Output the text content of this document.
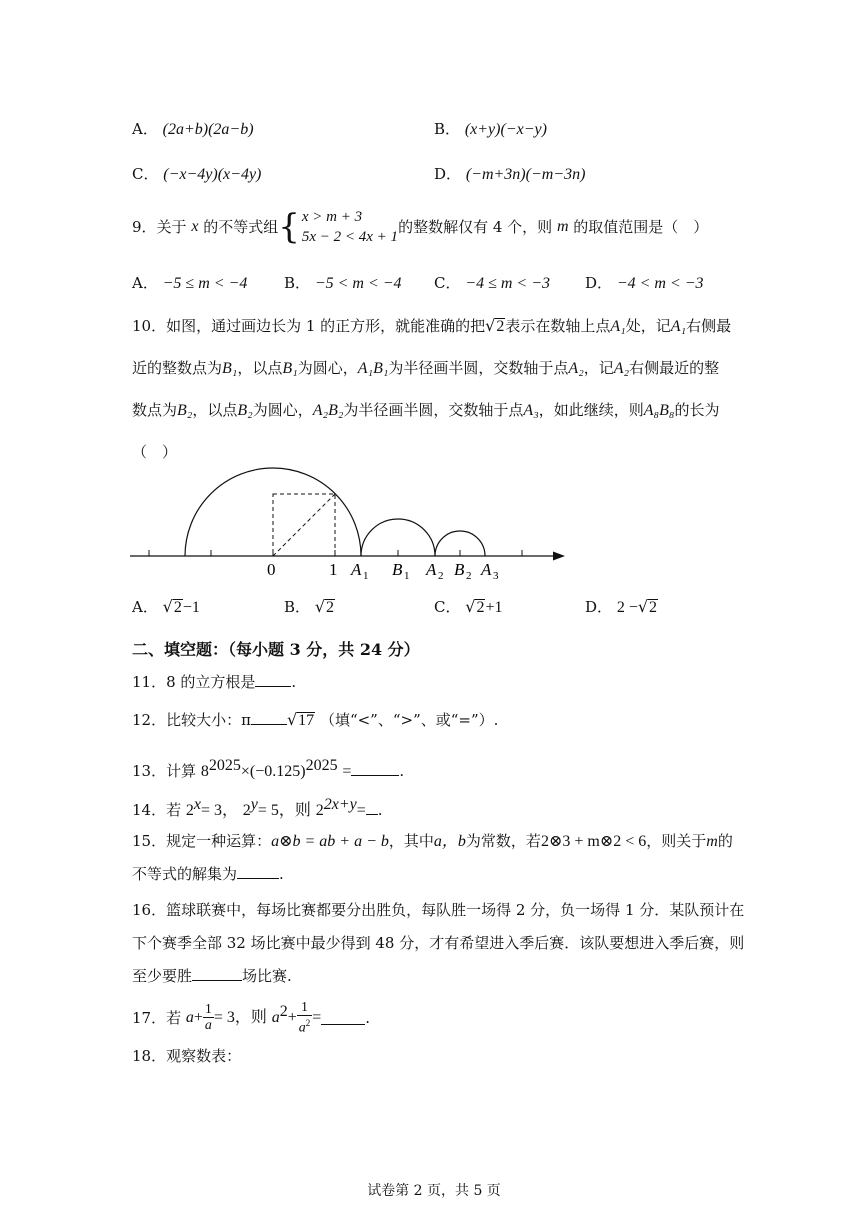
A． (2a+b)(2a−b)	B． (x+y)(−x−y)
C． (−x−4y)(x−4y)	D． (−m+3n)(−m−3n)
9．关于 x 的不等式组{ x > m + 3
5x − 2 < 4x + 1
的整数解仅有 4 个，则 m 的取值范围是（　）
A． −5 ≤ m < −4 B． −5 < m < −4 C． −4 ≤ m < −3 D． −4 < m < −3
10．如图，通过画边长为 1 的正方形，就能准确的把√2表示在数轴上点A₁处，记A₁右侧最
近的整数点为B₁，以点B₁为圆心，A₁B₁为半径画半圆，交数轴于点A₂，记A₂右侧最近的整
数点为B₂，以点B₂为圆心，A₂B₂为半径画半圆，交数轴于点A₃，如此继续，则A₈B₈的长为
（　）
0	1 A 1 B 1 A 2 B 2 A 3
A． √2−1	B． √2	C． √2+1	D． 2 −√2
二、填空题：（每小题 3 分，共 24 分）
11．8 的立方根是 .
12．比较大小：π √17 （填“<”、“>”、或“=”）.
13．计算 $8^{2025}\times(-0.125)^{2025}$ =	.
14．若 $2^x= 3$， $2^y= 5$，则 $2^{2x+y}=$ .
15．规定一种运算：a⊗b = ab + a − b，其中a，b为常数，若2⊗3 + m⊗2 < 6，则关于m的
不等式的解集为	.
16．篮球联赛中，每场比赛都要分出胜负，每队胜一场得 2 分，负一场得 1 分．某队预计在
下个赛季全部 32 场比赛中最少得到 48 分，才有希望进入季后赛．该队要想进入季后赛，则
至少要胜	场比赛.
17．若 $a+ \frac{1}{a} = 3$，则 $a^2+ \frac{1}{a^2}$ =	.
18．观察数表：
试卷第 2 页，共 5 页
